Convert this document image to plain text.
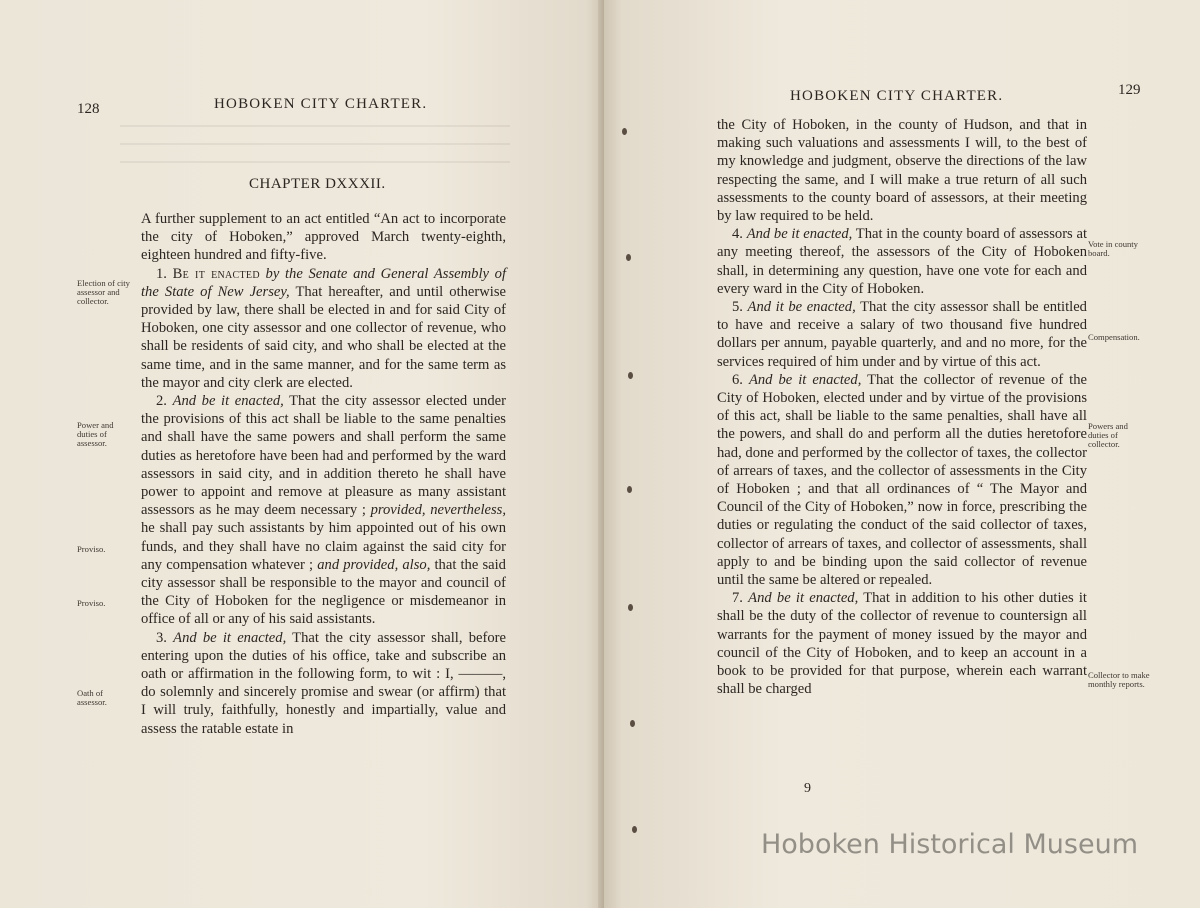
128	HOBOKEN CITY CHARTER.
CHAPTER DXXXII.

A further supplement to an act entitled “An act to incorporate the city of Hoboken,” approved March twenty-eighth, eighteen hundred and fifty-five.

1. Be it enacted by the Senate and General Assembly of the State of New Jersey, That hereafter, and until otherwise provided by law, there shall be elected in and for said City of Hoboken, one city assessor and one collector of revenue, who shall be residents of said city, and who shall be elected at the same time, and in the same manner, and for the same term as the mayor and city clerk are elected.

2. And be it enacted, That the city assessor elected under the provisions of this act shall be liable to the same penalties and shall have the same powers and shall perform the same duties as heretofore have been had and performed by the ward assessors in said city, and in addition thereto he shall have power to appoint and remove at pleasure as many assistant assessors as he may deem necessary ; provided, nevertheless, he shall pay such assistants by him appointed out of his own funds, and they shall have no claim against the said city for any compensation whatever ; and provided, also, that the said city assessor shall be responsible to the mayor and council of the City of Hoboken for the negligence or misdemeanor in office of all or any of his said assistants.

3. And be it enacted, That the city assessor shall, before entering upon the duties of his office, take and subscribe an oath or affirmation in the following form, to wit : I, ———, do solemnly and sincerely promise and swear (or affirm) that I will truly, faithfully, honestly and impartially, value and assess the ratable estate in

Election of city assessor and collector.
Power and duties of assessor.
Proviso.
Proviso.
Oath of assessor.
HOBOKEN CITY CHARTER.	129

the City of Hoboken, in the county of Hudson, and that in making such valuations and assessments I will, to the best of my knowledge and judgment, observe the directions of the law respecting the same, and I will make a true return of all such assessments to the county board of assessors, at their meeting by law required to be held.

4. And be it enacted, That in the county board of assessors at any meeting thereof, the assessors of the City of Hoboken shall, in determining any question, have one vote for each and every ward in the City of Hoboken.

5. And it be enacted, That the city assessor shall be entitled to have and receive a salary of two thousand five hundred dollars per annum, payable quarterly, and and no more, for the services required of him under and by virtue of this act.

6. And be it enacted, That the collector of revenue of the City of Hoboken, elected under and by virtue of the provisions of this act, shall be liable to the same penalties, shall have all the powers, and shall do and perform all the duties heretofore had, done and performed by the collector of taxes, the collector of arrears of taxes, and the collector of assessments in the City of Hoboken ; and that all ordinances of “ The Mayor and Council of the City of Hoboken,” now in force, prescribing the duties or regulating the conduct of the said collector of taxes, collector of arrears of taxes, and collector of assessments, shall apply to and be binding upon the said collector of revenue until the same be altered or repealed.

7. And be it enacted, That in addition to his other duties it shall be the duty of the collector of revenue to countersign all warrants for the payment of money issued by the mayor and council of the City of Hoboken, and to keep an account in a book to be provided for that purpose, wherein each warrant shall be charged

Vote in county board.
Compensation.
Powers and duties of collector.
Collector to make monthly reports.
9
Hoboken Historical Museum
